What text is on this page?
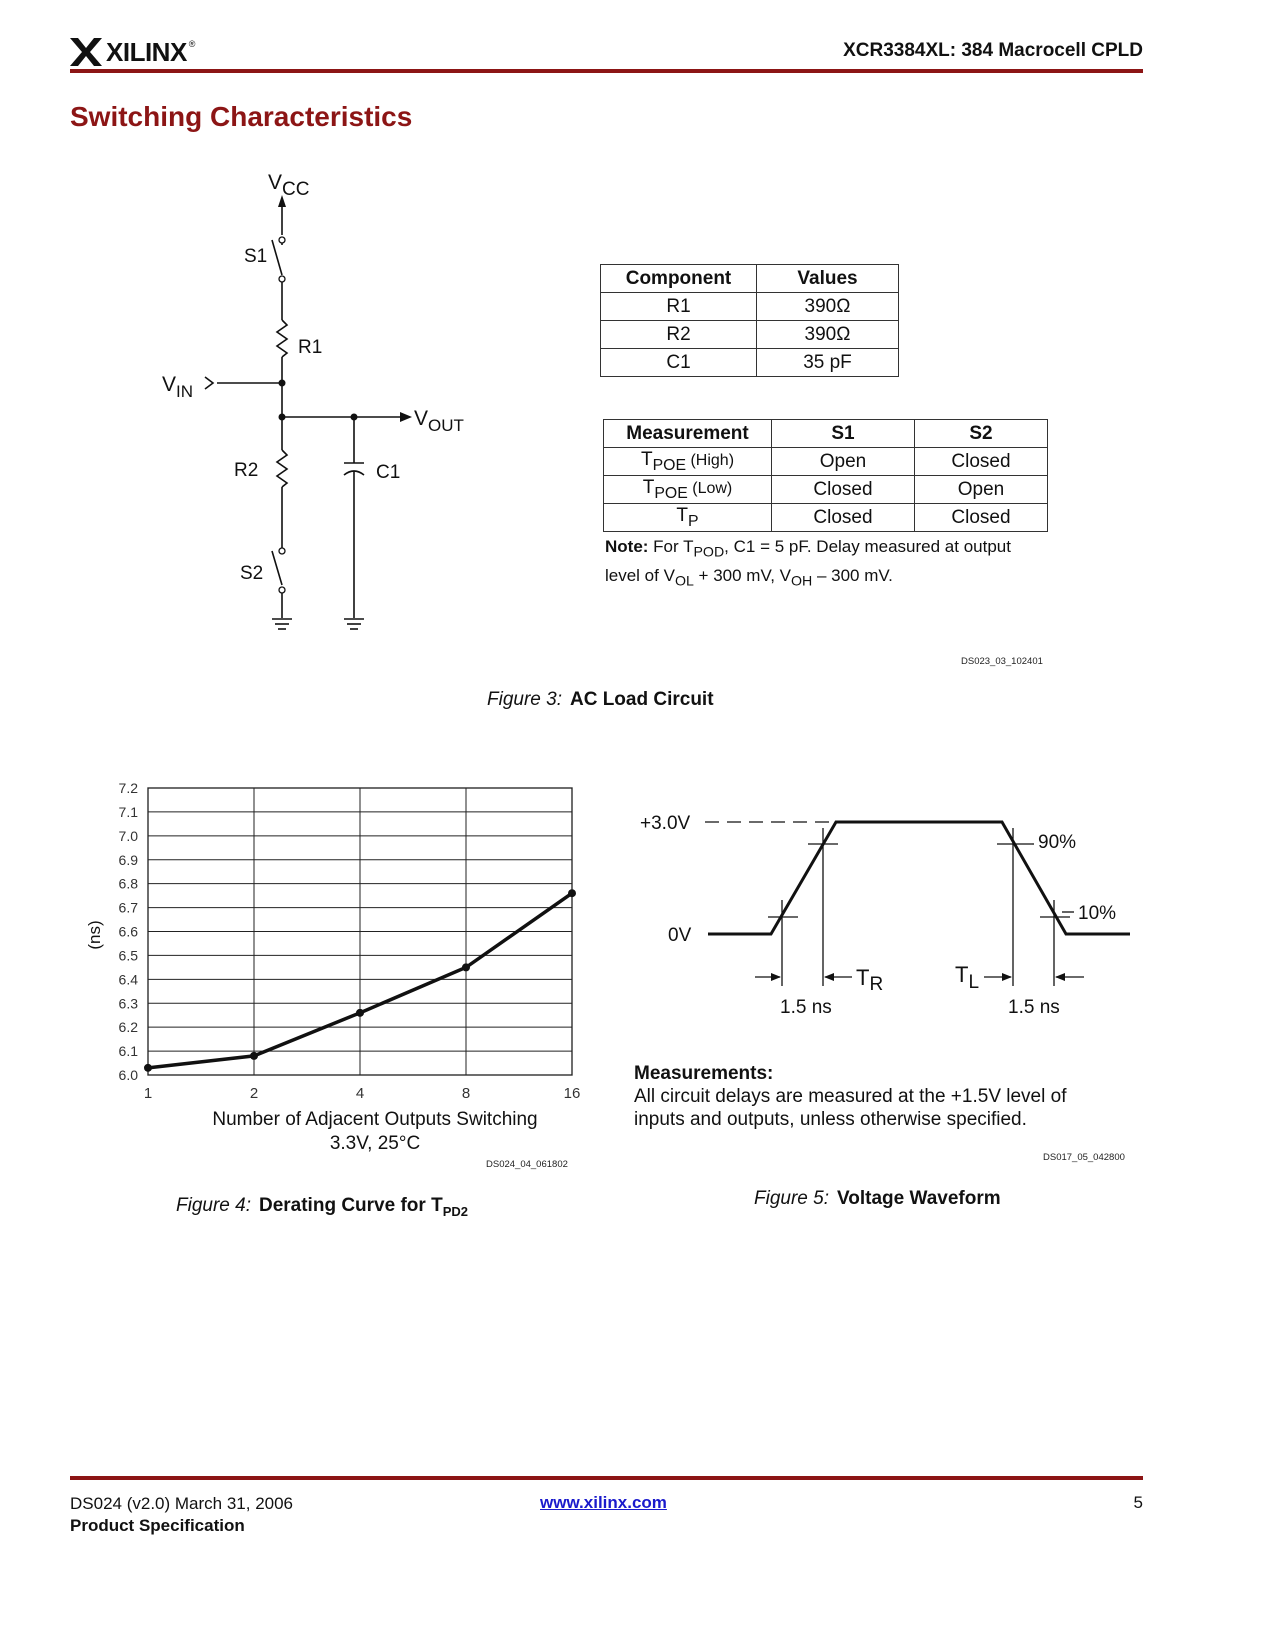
XILINX ®	XCR3384XL: 384 Macrocell CPLD
Switching Characteristics
VCC
S1
R1
$V_{IN}$
$V_{OUT}$
R2	C1
S2
Component	Values
R1	390Ω
R2	390Ω
C1	35 pF
Measurement	S1	S2
$T_{POE}$ (High)	Open	Closed
$T_{POE}$ (Low)	Closed	Open
$T_P$	Closed	Closed
Note: For $T_{POD}$, C1 = 5 pF. Delay measured at output level of $V_{OL} + 300$ mV, $V_{OH} - 300$ mV.
DS023_03_102401
Figure 3: AC Load Circuit
6.0
6.1
6.2
6.3
6.4
6.5
6.6
6.7
6.8
6.9
7.0
7.1
7.2
1	2	4	8	16
(ns)
Number of Adjacent Outputs Switching
3.3V, 25°C
DS024_04_061802
Figure 4: Derating Curve for $T_{PD2}$
+3.0V
0V
90%
10%
TR	TL
1.5 ns	1.5 ns
Measurements:
All circuit delays are measured at the +1.5V level of inputs and outputs, unless otherwise specified.
DS017_05_042800
Figure 5: Voltage Waveform
DS024 (v2.0) March 31, 2006
Product Specification
www.xilinx.com	5
